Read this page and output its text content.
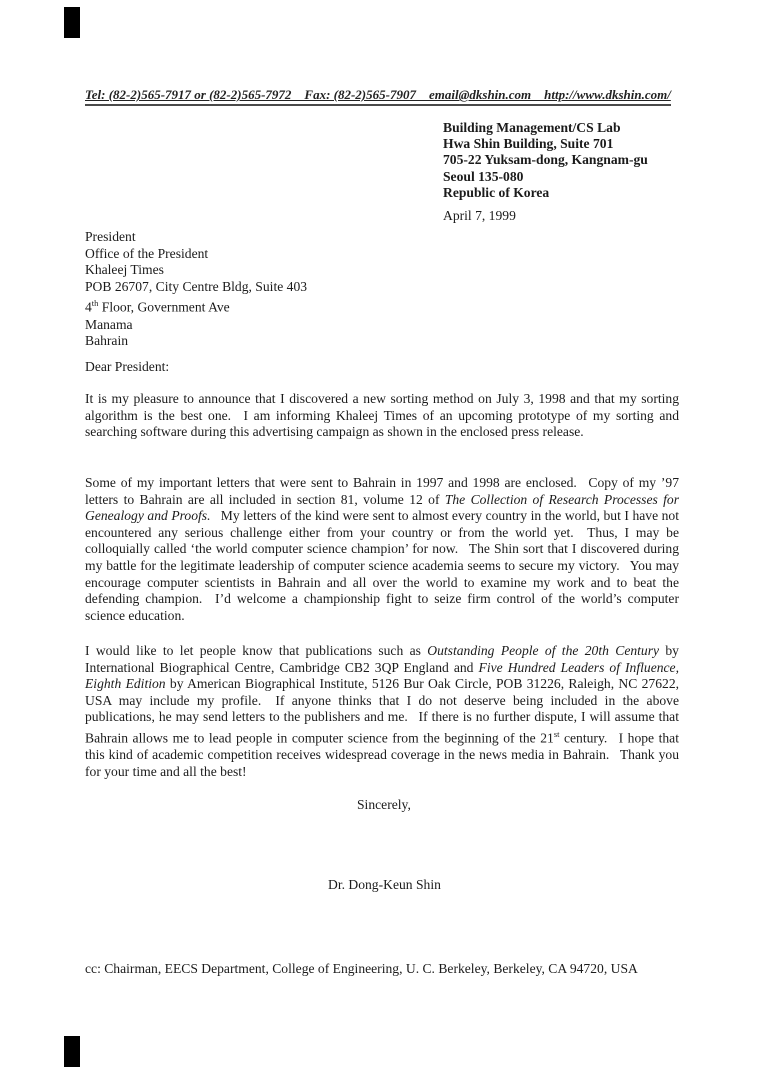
Tel: (82-2)565-7917 or (82-2)565-7972  Fax: (82-2)565-7907  email@dkshin.com  http://www.dkshin.com/
Building Management/CS Lab
Hwa Shin Building, Suite 701
705-22 Yuksam-dong, Kangnam-gu
Seoul 135-080
Republic of Korea
April 7, 1999
President
Office of the President
Khaleej Times
POB 26707, City Centre Bldg, Suite 403
4th Floor, Government Ave
Manama
Bahrain
Dear President:

It is my pleasure to announce that I discovered a new sorting method on July 3, 1998 and that my sorting algorithm is the best one.  I am informing Khaleej Times of an upcoming prototype of my sorting and searching software during this advertising campaign as shown in the enclosed press release.

Some of my important letters that were sent to Bahrain in 1997 and 1998 are enclosed.  Copy of my ’97 letters to Bahrain are all included in section 81, volume 12 of The Collection of Research Processes for Genealogy and Proofs.  My letters of the kind were sent to almost every country in the world, but I have not encountered any serious challenge either from your country or from the world yet.  Thus, I may be colloquially called ‘the world computer science champion’ for now.  The Shin sort that I discovered during my battle for the legitimate leadership of computer science academia seems to secure my victory.  You may encourage computer scientists in Bahrain and all over the world to examine my work and to beat the defending champion.  I’d welcome a championship fight to seize firm control of the world’s computer science education.

I would like to let people know that publications such as Outstanding People of the 20th Century by International Biographical Centre, Cambridge CB2 3QP England and Five Hundred Leaders of Influence, Eighth Edition by American Biographical Institute, 5126 Bur Oak Circle, POB 31226, Raleigh, NC 27622, USA may include my profile.  If anyone thinks that I do not deserve being included in the above publications, he may send letters to the publishers and me.  If there is no further dispute, I will assume that Bahrain allows me to lead people in computer science from the beginning of the 21st century.  I hope that this kind of academic competition receives widespread coverage in the news media in Bahrain.  Thank you for your time and all the best!

Sincerely,
Dr. Dong-Keun Shin
cc: Chairman, EECS Department, College of Engineering, U. C. Berkeley, Berkeley, CA 94720, USA
